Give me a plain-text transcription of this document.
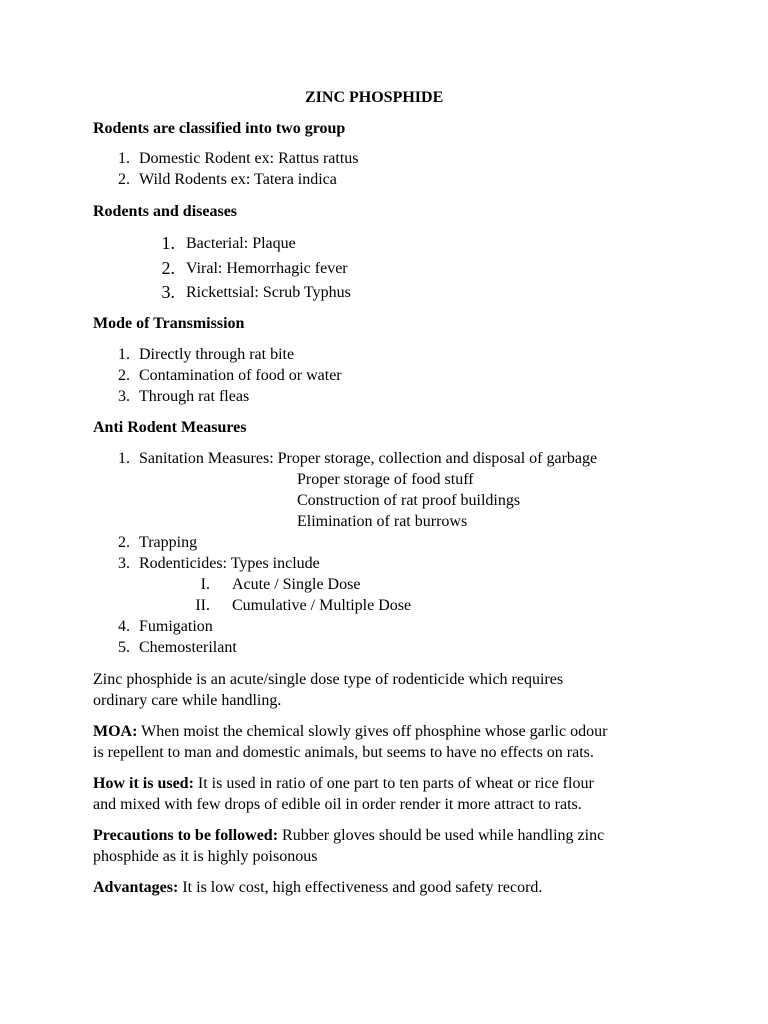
ZINC PHOSPHIDE
Rodents are classified into two group
1. Domestic Rodent ex: Rattus rattus
2. Wild Rodents ex: Tatera indica
Rodents and diseases
1. Bacterial: Plaque
2. Viral: Hemorrhagic fever
3. Rickettsial: Scrub Typhus
Mode of Transmission
1. Directly through rat bite
2. Contamination of food or water
3. Through rat fleas
Anti Rodent Measures
1. Sanitation Measures: Proper storage, collection and disposal of garbage
Proper storage of food stuff
Construction of rat proof buildings
Elimination of rat burrows
2. Trapping
3. Rodenticides: Types include
I. Acute / Single Dose
II. Cumulative / Multiple Dose
4. Fumigation
5. Chemosterilant
Zinc phosphide is an acute/single dose type of rodenticide which requires
ordinary care while handling.
MOA: When moist the chemical slowly gives off phosphine whose garlic odour
is repellent to man and domestic animals, but seems to have no effects on rats.
How it is used: It is used in ratio of one part to ten parts of wheat or rice flour
and mixed with few drops of edible oil in order render it more attract to rats.
Precautions to be followed: Rubber gloves should be used while handling zinc
phosphide as it is highly poisonous
Advantages: It is low cost, high effectiveness and good safety record.
